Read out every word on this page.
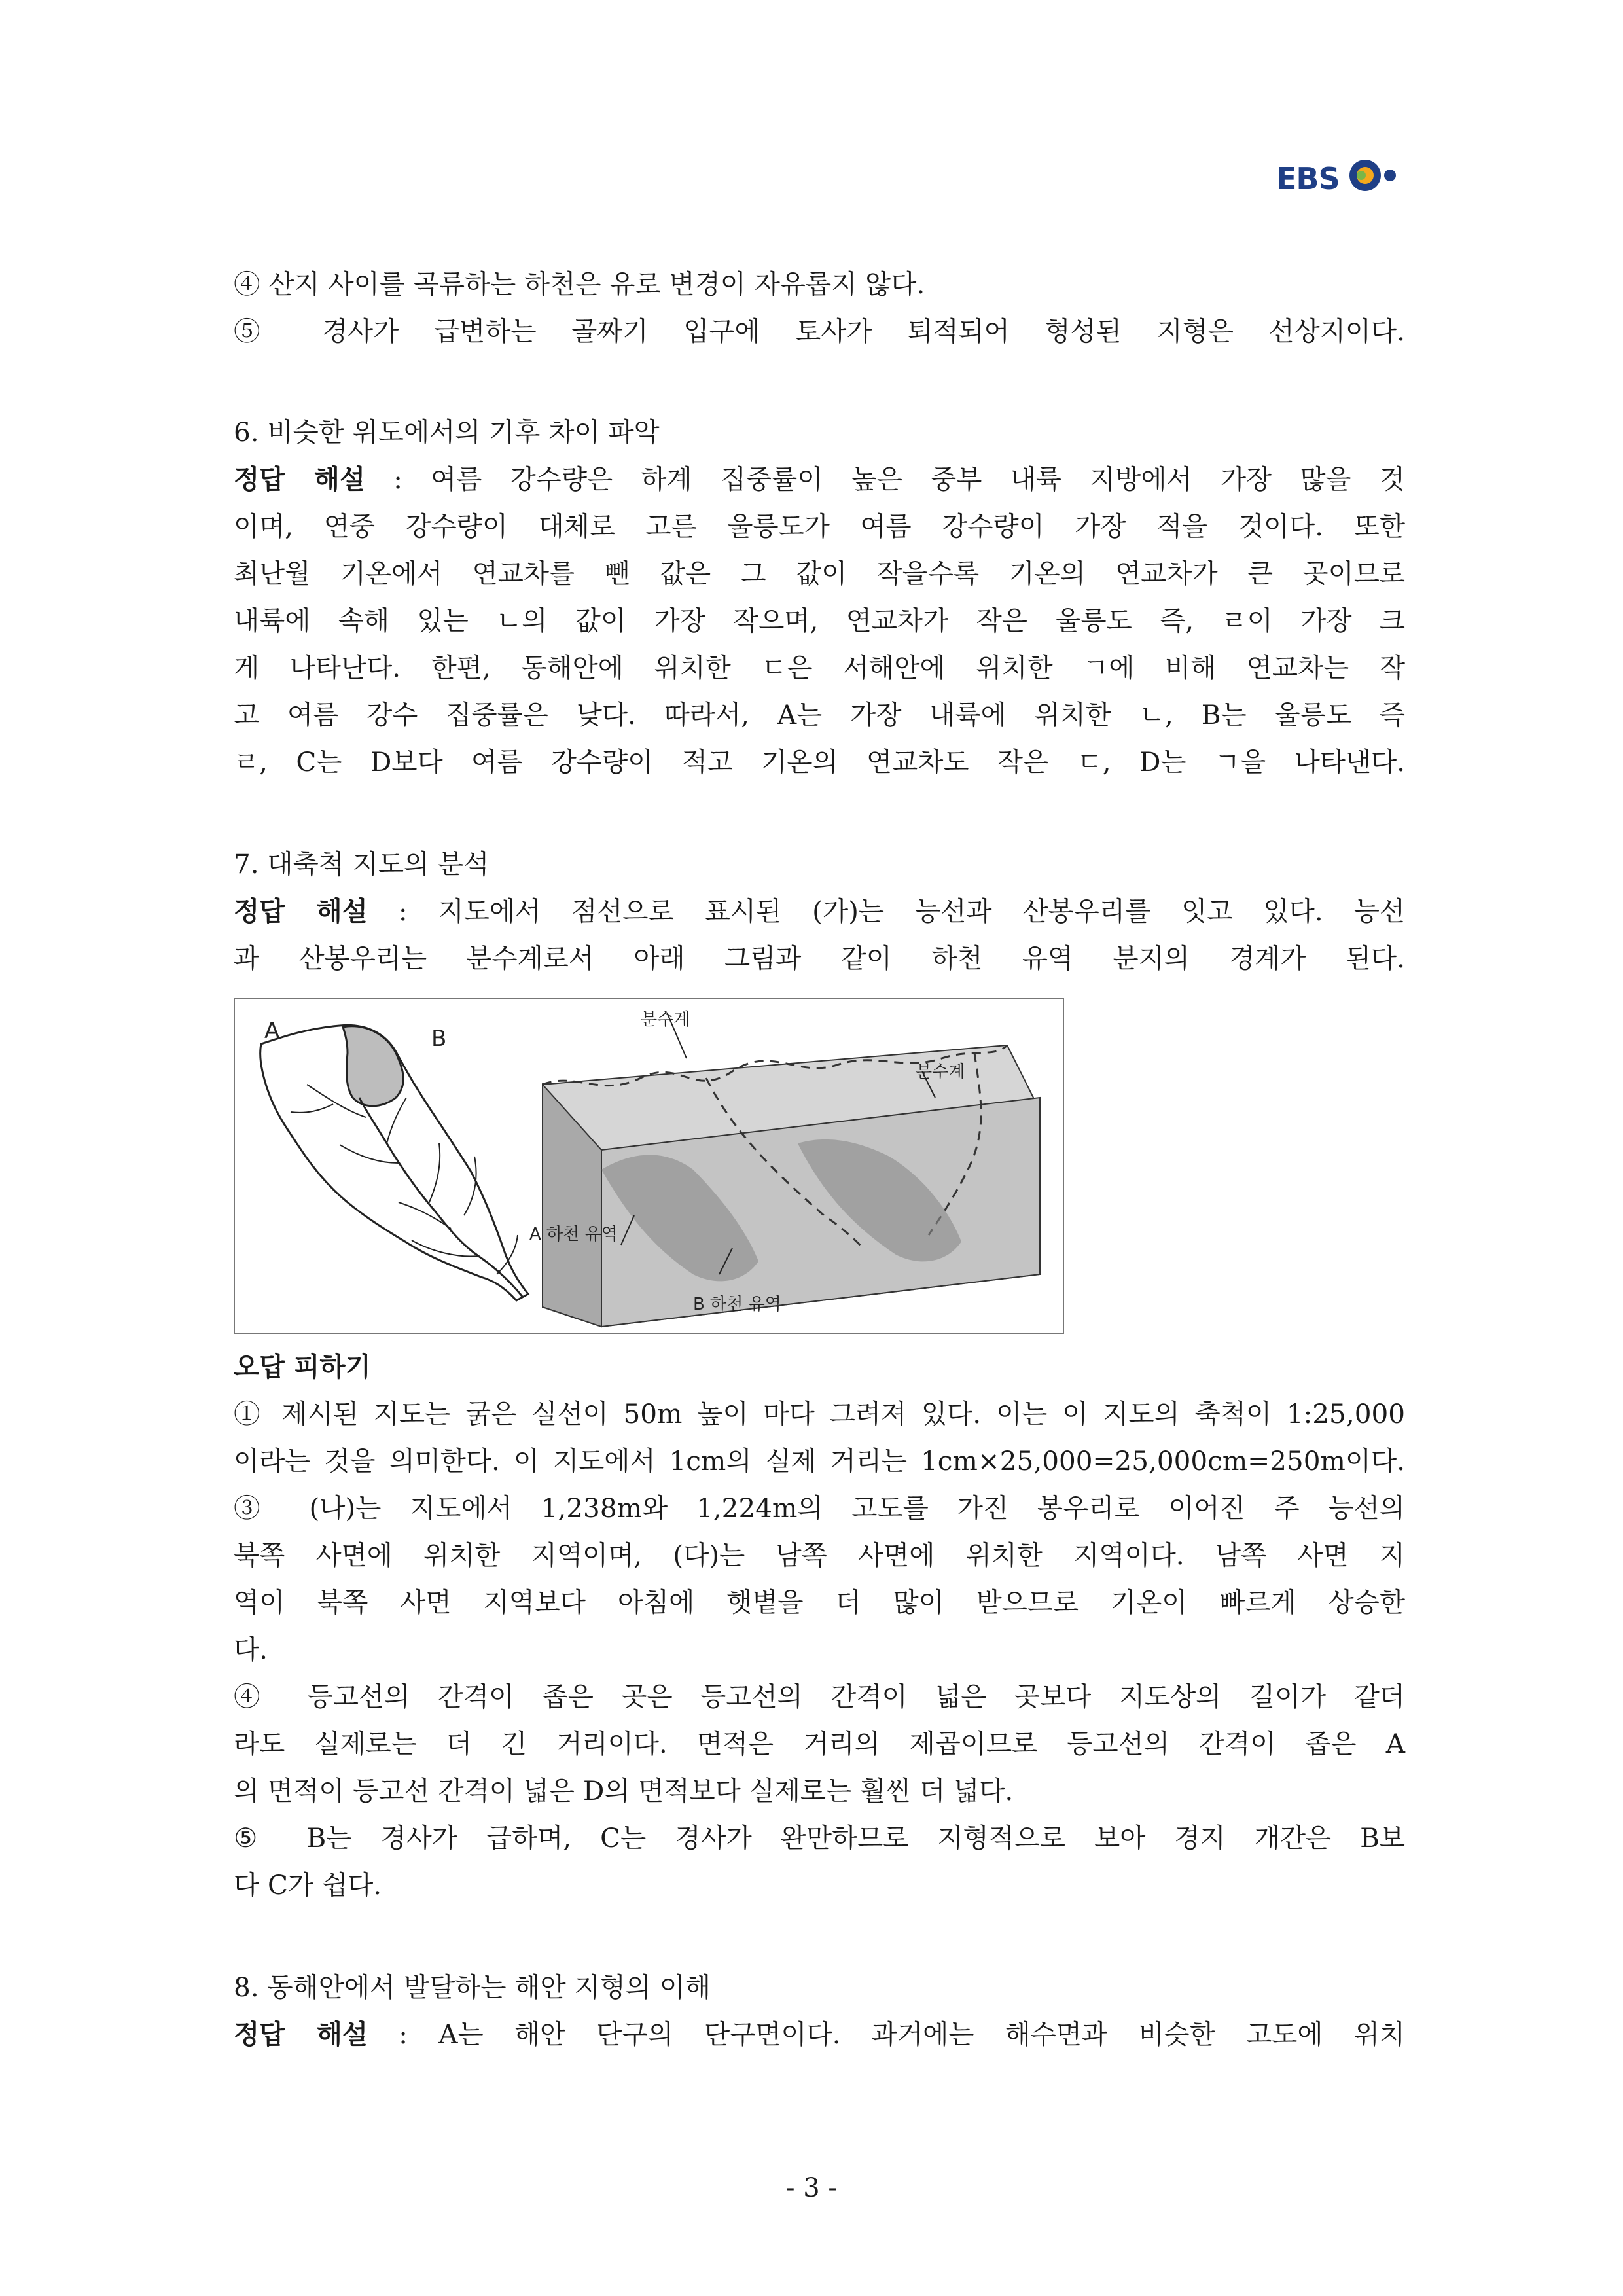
EBS
④ 산지 사이를 곡류하는 하천은 유로 변경이 자유롭지 않다.
⑤ 경사가 급변하는 골짜기 입구에 토사가 퇴적되어 형성된 지형은 선상지이다.
6. 비슷한 위도에서의 기후 차이 파악
정답 해설 : 여름 강수량은 하계 집중률이 높은 중부 내륙 지방에서 가장 많을 것
이며, 연중 강수량이 대체로 고른 울릉도가 여름 강수량이 가장 적을 것이다. 또한
최난월 기온에서 연교차를 뺀 값은 그 값이 작을수록 기온의 연교차가 큰 곳이므로
내륙에 속해 있는 ㄴ의 값이 가장 작으며, 연교차가 작은 울릉도 즉, ㄹ이 가장 크
게 나타난다. 한편, 동해안에 위치한 ㄷ은 서해안에 위치한 ㄱ에 비해 연교차는 작
고 여름 강수 집중률은 낮다. 따라서, A는 가장 내륙에 위치한 ㄴ, B는 울릉도 즉
ㄹ, C는 D보다 여름 강수량이 적고 기온의 연교차도 작은 ㄷ, D는 ㄱ을 나타낸다.
7. 대축척 지도의 분석
정답 해설 : 지도에서 점선으로 표시된 (가)는 능선과 산봉우리를 잇고 있다. 능선
과 산봉우리는 분수계로서 아래 그림과 같이 하천 유역 분지의 경계가 된다.
A	B
분수계
분수계
A 하천 유역
B 하천 유역
오답 피하기
① 제시된 지도는 굵은 실선이 50m 높이 마다 그려져 있다. 이는 이 지도의 축척이 1:25,000
이라는 것을 의미한다. 이 지도에서 1cm의 실제 거리는 1cm×25,000=25,000cm=250m이다.
③ (나)는 지도에서 1,238m와 1,224m의 고도를 가진 봉우리로 이어진 주 능선의
북쪽 사면에 위치한 지역이며, (다)는 남쪽 사면에 위치한 지역이다. 남쪽 사면 지
역이 북쪽 사면 지역보다 아침에 햇볕을 더 많이 받으므로 기온이 빠르게 상승한
다.
④ 등고선의 간격이 좁은 곳은 등고선의 간격이 넓은 곳보다 지도상의 길이가 같더
라도 실제로는 더 긴 거리이다. 면적은 거리의 제곱이므로 등고선의 간격이 좁은 A
의 면적이 등고선 간격이 넓은 D의 면적보다 실제로는 훨씬 더 넓다.
⑤ B는 경사가 급하며, C는 경사가 완만하므로 지형적으로 보아 경지 개간은 B보
다 C가 쉽다.
8. 동해안에서 발달하는 해안 지형의 이해
정답 해설 : A는 해안 단구의 단구면이다. 과거에는 해수면과 비슷한 고도에 위치
- 3 -
